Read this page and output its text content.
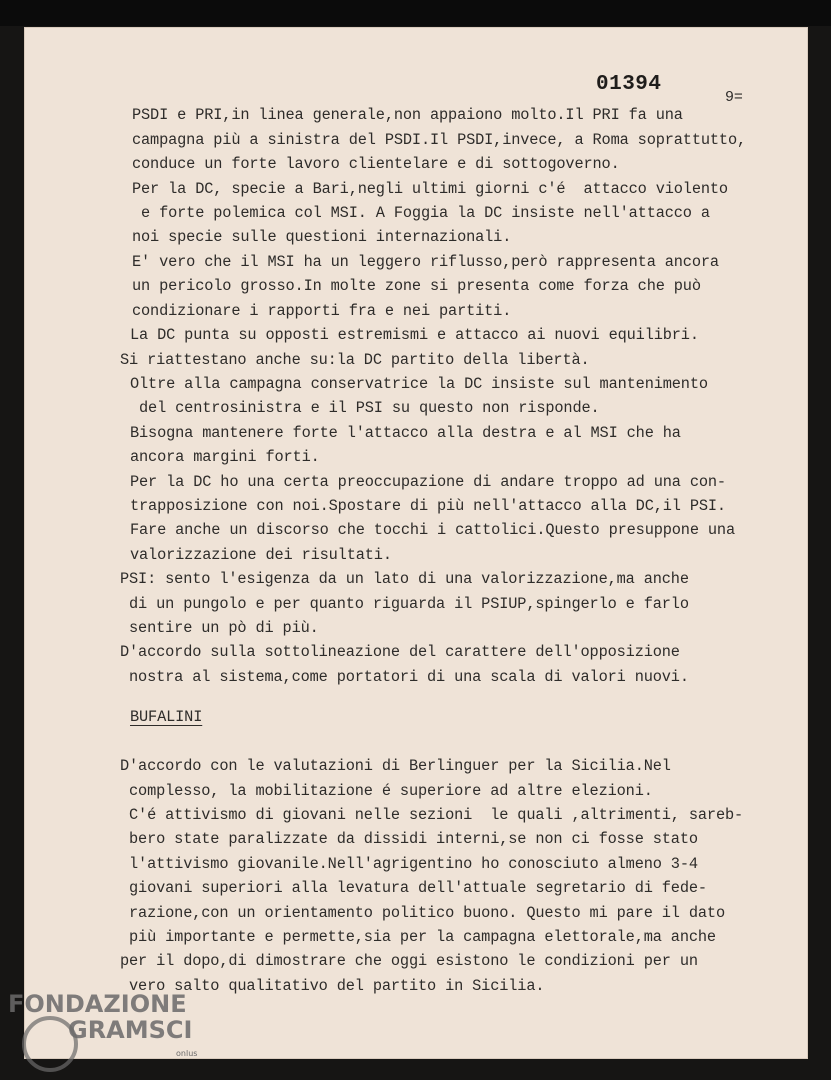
01394
9=
PSDI e PRI,in linea generale,non appaiono molto.Il PRI fa una
campagna più a sinistra del PSDI.Il PSDI,invece, a Roma soprattutto,
conduce un forte lavoro clientelare e di sottogoverno.
Per la DC, specie a Bari,negli ultimi giorni c'é  attacco violento
e forte polemica col MSI. A Foggia la DC insiste nell'attacco a
noi specie sulle questioni internazionali.
E' vero che il MSI ha un leggero riflusso,però rappresenta ancora
un pericolo grosso.In molte zone si presenta come forza che può
condizionare i rapporti fra e nei partiti.
La DC punta su opposti estremismi e attacco ai nuovi equilibri.
Si riattestano anche su:la DC partito della libertà.
Oltre alla campagna conservatrice la DC insiste sul mantenimento
del centrosinistra e il PSI su questo non risponde.
Bisogna mantenere forte l'attacco alla destra e al MSI che ha
ancora margini forti.
Per la DC ho una certa preoccupazione di andare troppo ad una con-
trapposizione con noi.Spostare di più nell'attacco alla DC,il PSI.
Fare anche un discorso che tocchi i cattolici.Questo presuppone una
valorizzazione dei risultati.
PSI: sento l'esigenza da un lato di una valorizzazione,ma anche
di un pungolo e per quanto riguarda il PSIUP,spingerlo e farlo
sentire un pò di più.
D'accordo sulla sottolineazione del carattere dell'opposizione
nostra al sistema,come portatori di una scala di valori nuovi.
BUFALINI
D'accordo con le valutazioni di Berlinguer per la Sicilia.Nel
complesso, la mobilitazione é superiore ad altre elezioni.
C'é attivismo di giovani nelle sezioni  le quali ,altrimenti, sareb-
bero state paralizzate da dissidi interni,se non ci fosse stato
l'attivismo giovanile.Nell'agrigentino ho conosciuto almeno 3-4
giovani superiori alla levatura dell'attuale segretario di fede-
razione,con un orientamento politico buono. Questo mi pare il dato
più importante e permette,sia per la campagna elettorale,ma anche
per il dopo,di dimostrare che oggi esistono le condizioni per un
vero salto qualitativo del partito in Sicilia.
FONDAZIONE
GRAMSCI
onlus
